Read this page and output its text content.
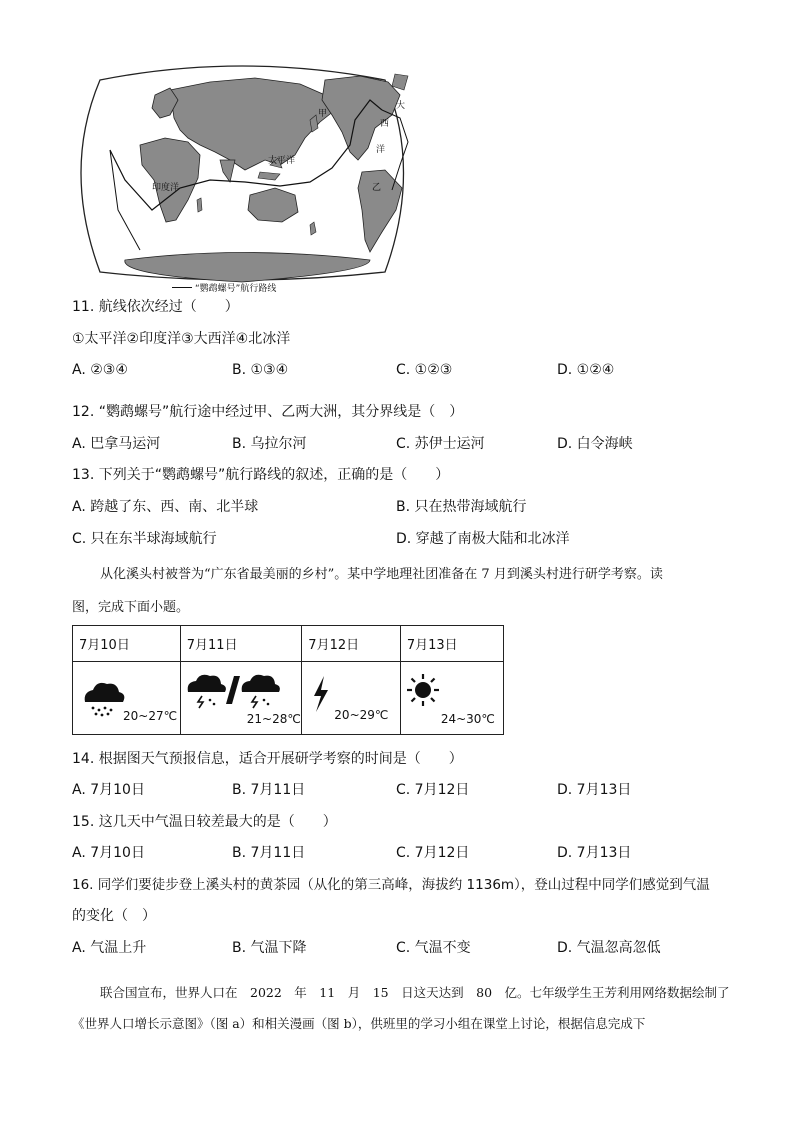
甲
乙
大
西
洋
太平洋
印度洋
“鹦鹉螺号”航行路线
11. 航线依次经过（　　）
①太平洋②印度洋③大西洋④北冰洋
A. ②③④	B. ①③④	C. ①②③	D. ①②④
12. “鹦鹉螺号”航行途中经过甲、乙两大洲，其分界线是（　）
A. 巴拿马运河	B. 乌拉尔河	C. 苏伊士运河	D. 白令海峡
13. 下列关于“鹦鹉螺号”航行路线的叙述，正确的是（　　）
A. 跨越了东、西、南、北半球	B. 只在热带海域航行
C. 只在东半球海域航行	D. 穿越了南极大陆和北冰洋
从化溪头村被誉为“广东省最美丽的乡村”。某中学地理社团准备在 7 月到溪头村进行研学考察。读
图，完成下面小题。
7月10日	7月11日	7月12日	7月13日

20~27℃	21~28℃	20~29℃	24~30℃
14. 根据图天气预报信息，适合开展研学考察的时间是（　　）
A. 7月10日	B. 7月11日	C. 7月12日	D. 7月13日
15. 这几天中气温日较差最大的是（　　）
A. 7月10日	B. 7月11日	C. 7月12日	D. 7月13日
16. 同学们要徒步登上溪头村的黄茶园（从化的第三高峰，海拔约 1136m），登山过程中同学们感觉到气温
的变化（　）
A. 气温上升	B. 气温下降	C. 气温不变	D. 气温忽高忽低
联合国宣布，世界人口在　2022　年　11　月　15　日这天达到　80　亿。七年级学生王芳利用网络数据绘制了
《世界人口增长示意图》（图 a）和相关漫画（图 b），供班里的学习小组在课堂上讨论，根据信息完成下
